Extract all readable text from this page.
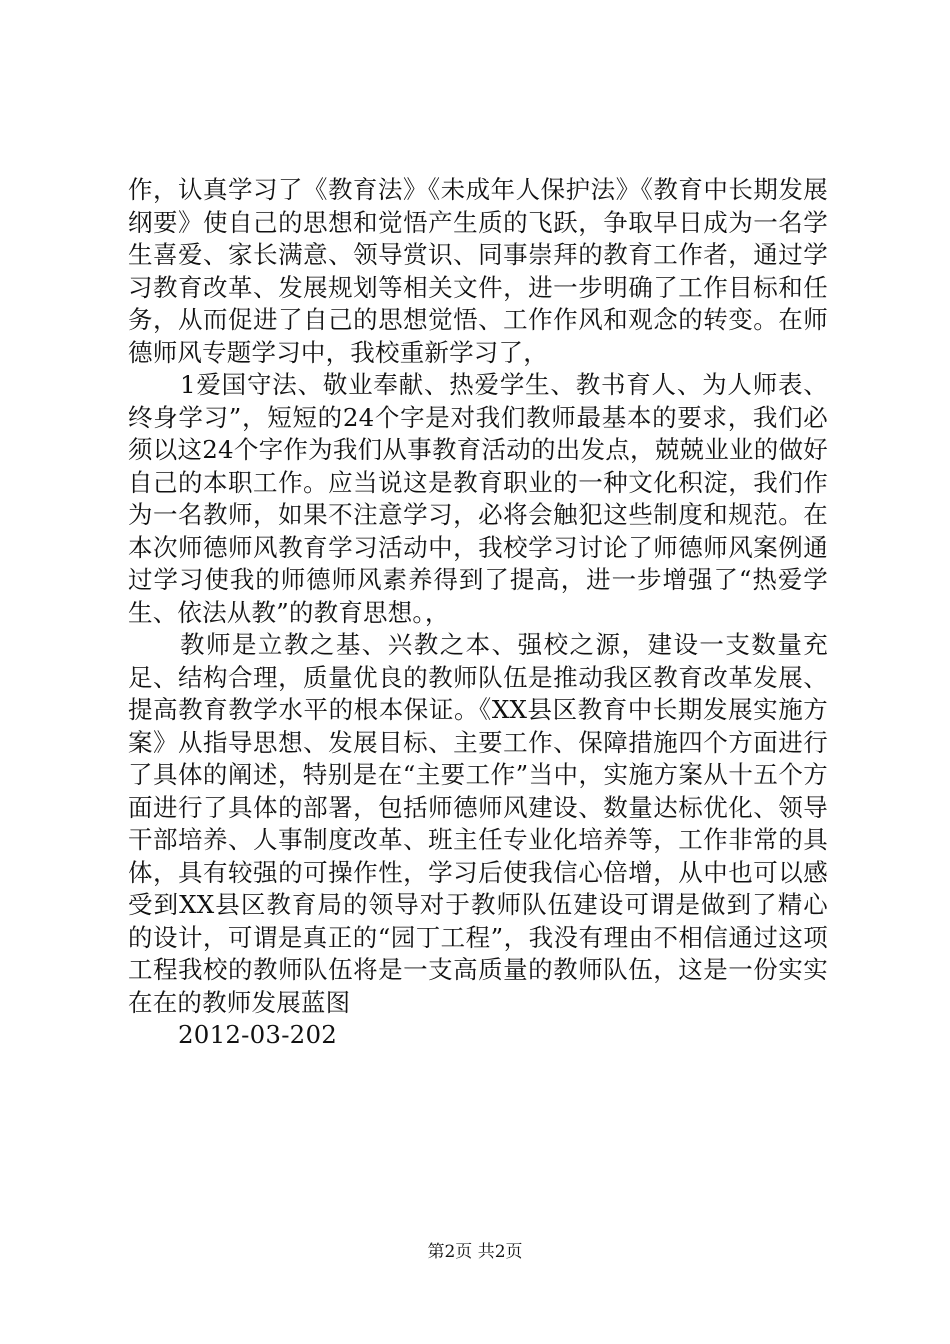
作，认真学习了《教育法》《未成年人保护法》《教育中长期发展纲要》使自己的思想和觉悟产生质的飞跃，争取早日成为一名学生喜爱、家长满意、领导赏识、同事崇拜的教育工作者，通过学习教育改革、发展规划等相关文件，进一步明确了工作目标和任务，从而促进了自己的思想觉悟、工作作风和观念的转变。在师德师风专题学习中，我校重新学习了，

1爱国守法、敬业奉献、热爱学生、教书育人、为人师表、终身学习”，短短的24个字是对我们教师最基本的要求，我们必须以这24个字作为我们从事教育活动的出发点，兢兢业业的做好自己的本职工作。应当说这是教育职业的一种文化积淀，我们作为一名教师，如果不注意学习，必将会触犯这些制度和规范。在本次师德师风教育学习活动中，我校学习讨论了师德师风案例通过学习使我的师德师风素养得到了提高，进一步增强了“热爱学生、依法从教”的教育思想。，

教师是立教之基、兴教之本、强校之源，建设一支数量充足、结构合理，质量优良的教师队伍是推动我区教育改革发展、提高教育教学水平的根本保证。《XX县区教育中长期发展实施方案》从指导思想、发展目标、主要工作、保障措施四个方面进行了具体的阐述，特别是在“主要工作”当中，实施方案从十五个方面进行了具体的部署，包括师德师风建设、数量达标优化、领导干部培养、人事制度改革、班主任专业化培养等，工作非常的具体，具有较强的可操作性，学习后使我信心倍增，从中也可以感受到XX县区教育局的领导对于教师队伍建设可谓是做到了精心的设计，可谓是真正的“园丁工程”，我没有理由不相信通过这项工程我校的教师队伍将是一支高质量的教师队伍，这是一份实实在在的教师发展蓝图

2012-03-202

第2页 共2页
